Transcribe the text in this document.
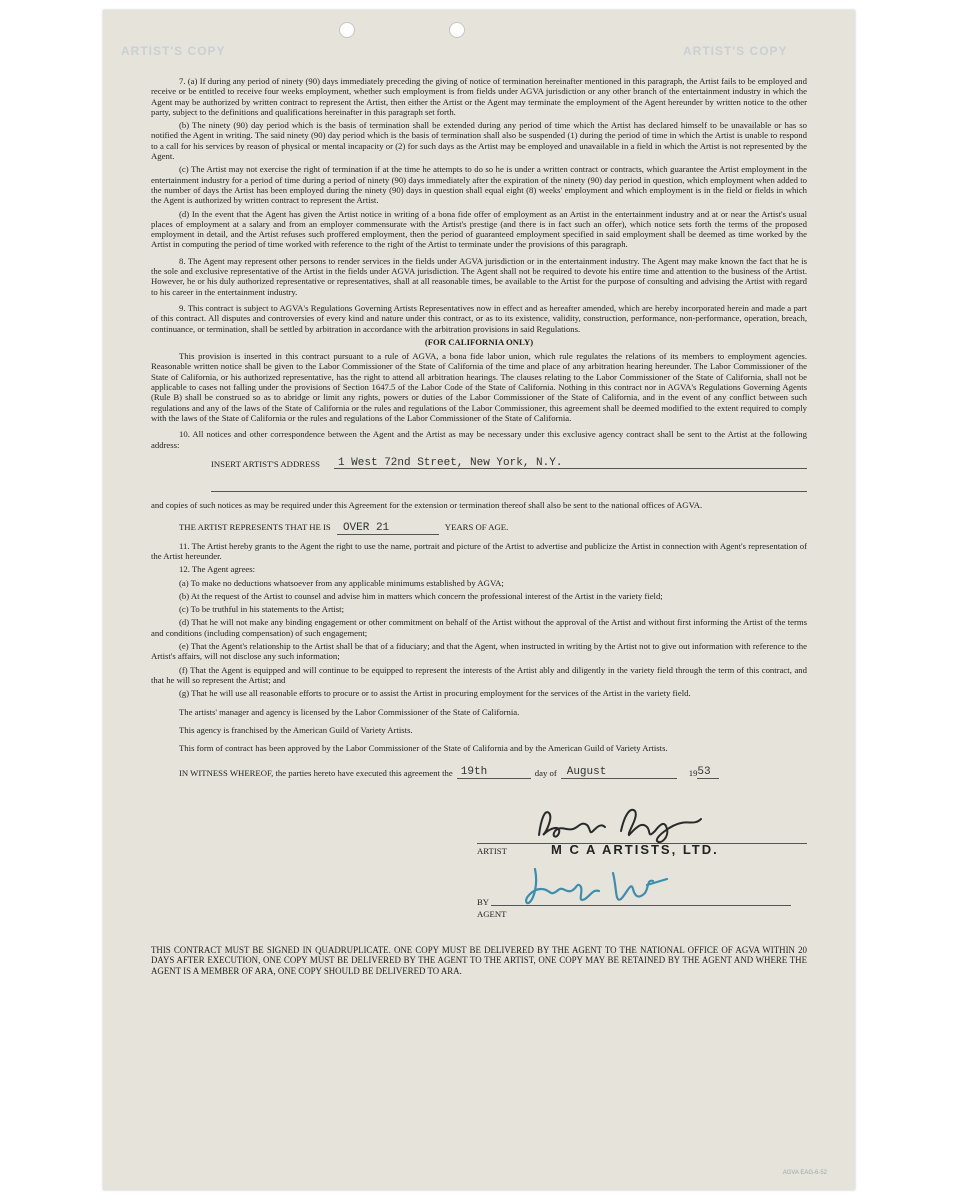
ARTIST'S COPY	ARTIST'S COPY

7. (a) If during any period of ninety (90) days immediately preceding the giving of notice of termination hereinafter mentioned in this paragraph, the Artist fails to be employed and receive or be entitled to receive four weeks employment, whether such employment is from fields under AGVA jurisdiction or any other branch of the entertainment industry in which the Agent may be authorized by written contract to represent the Artist, then either the Artist or the Agent may terminate the employment of the Agent hereunder by written notice to the other party, subject to the definitions and qualifications hereinafter in this paragraph set forth.

(b) The ninety (90) day period which is the basis of termination shall be extended during any period of time which the Artist has declared himself to be unavailable or has so notified the Agent in writing. The said ninety (90) day period which is the basis of termination shall also be suspended (1) during the period of time in which the Artist is unable to respond to a call for his services by reason of physical or mental incapacity or (2) for such days as the Artist may be employed and unavailable in a field in which the Artist is not represented by the Agent.

(c) The Artist may not exercise the right of termination if at the time he attempts to do so he is under a written contract or contracts, which guarantee the Artist employment in the entertainment industry for a period of time during a period of ninety (90) days immediately after the expiration of the ninety (90) day period in question, which employment when added to the number of days the Artist has been employed during the ninety (90) days in question shall equal eight (8) weeks' employment and which employment is in the field or fields in which the Agent is authorized by written contract to represent the Artist.

(d) In the event that the Agent has given the Artist notice in writing of a bona fide offer of employment as an Artist in the entertainment industry and at or near the Artist's usual places of employment at a salary and from an employer commensurate with the Artist's prestige (and there is in fact such an offer), which notice sets forth the terms of the proposed employment in detail, and the Artist refuses such proffered employment, then the period of guaranteed employment specified in said employment shall be deemed as time worked by the Artist in computing the period of time worked with reference to the right of the Artist to terminate under the provisions of this paragraph.

8. The Agent may represent other persons to render services in the fields under AGVA jurisdiction or in the entertainment industry. The Agent may make known the fact that he is the sole and exclusive representative of the Artist in the fields under AGVA jurisdiction. The Agent shall not be required to devote his entire time and attention to the business of the Artist. However, he or his duly authorized representative or representatives, shall at all reasonable times, be available to the Artist for the purpose of consulting and advising the Artist with regard to his career in the entertainment industry.

9. This contract is subject to AGVA's Regulations Governing Artists Representatives now in effect and as hereafter amended, which are hereby incorporated herein and made a part of this contract. All disputes and controversies of every kind and nature under this contract, or as to its existence, validity, construction, performance, non-performance, operation, breach, continuance, or termination, shall be settled by arbitration in accordance with the arbitration provisions in said Regulations.

(FOR CALIFORNIA ONLY)

This provision is inserted in this contract pursuant to a rule of AGVA, a bona fide labor union, which rule regulates the relations of its members to employment agencies. Reasonable written notice shall be given to the Labor Commissioner of the State of California of the time and place of any arbitration hearing hereunder. The Labor Commissioner of the State of California, or his authorized representative, has the right to attend all arbitration hearings. The clauses relating to the Labor Commissioner of the State of California, shall not be applicable to cases not falling under the provisions of Section 1647.5 of the Labor Code of the State of California. Nothing in this contract nor in AGVA's Regulations Governing Agents (Rule B) shall be construed so as to abridge or limit any rights, powers or duties of the Labor Commissioner of the State of California, and in the event of any conflict between such regulations and any of the laws of the State of California or the rules and regulations of the Labor Commissioner, this agreement shall be deemed modified to the extent required to comply with the laws of the State of California or the rules and regulations of the Labor Commissioner of the State of California.

10. All notices and other correspondence between the Agent and the Artist as may be necessary under this exclusive agency contract shall be sent to the Artist at the following address:

INSERT ARTIST'S ADDRESS	1 West 72nd Street, New York, N.Y.

and copies of such notices as may be required under this Agreement for the extension or termination thereof shall also be sent to the national offices of AGVA.

THE ARTIST REPRESENTS THAT HE IS OVER 21	YEARS OF AGE.

11. The Artist hereby grants to the Agent the right to use the name, portrait and picture of the Artist to advertise and publicize the Artist in connection with Agent's representation of the Artist hereunder.

12. The Agent agrees:

(a) To make no deductions whatsoever from any applicable minimums established by AGVA;

(b) At the request of the Artist to counsel and advise him in matters which concern the professional interest of the Artist in the variety field;

(c) To be truthful in his statements to the Artist;

(d) That he will not make any binding engagement or other commitment on behalf of the Artist without the approval of the Artist and without first informing the Artist of the terms and conditions (including compensation) of such engagement;

(e) That the Agent's relationship to the Artist shall be that of a fiduciary; and that the Agent, when instructed in writing by the Artist not to give out information with reference to the Artist's affairs, will not disclose any such information;

(f) That the Agent is equipped and will continue to be equipped to represent the interests of the Artist ably and diligently in the variety field through the term of this contract, and that he will so represent the Artist; and

(g) That he will use all reasonable efforts to procure or to assist the Artist in procuring employment for the services of the Artist in the variety field.

The artists' manager and agency is licensed by the Labor Commissioner of the State of California.

This agency is franchised by the American Guild of Variety Artists.

This form of contract has been approved by the Labor Commissioner of the State of California and by the American Guild of Variety Artists.

IN WITNESS WHEREOF, the parties hereto have executed this agreement the 19th	day of August	19 53
ARTIST	M C A ARTISTS, LTD.
BY
AGENT

THIS CONTRACT MUST BE SIGNED IN QUADRUPLICATE. ONE COPY MUST BE DELIVERED BY THE AGENT TO THE NATIONAL OFFICE OF AGVA WITHIN 20 DAYS AFTER EXECUTION, ONE COPY MUST BE DELIVERED BY THE AGENT TO THE ARTIST, ONE COPY MAY BE RETAINED BY THE AGENT AND WHERE THE AGENT IS A MEMBER OF ARA, ONE COPY SHOULD BE DELIVERED TO ARA.

AGVA EAG-6-52
